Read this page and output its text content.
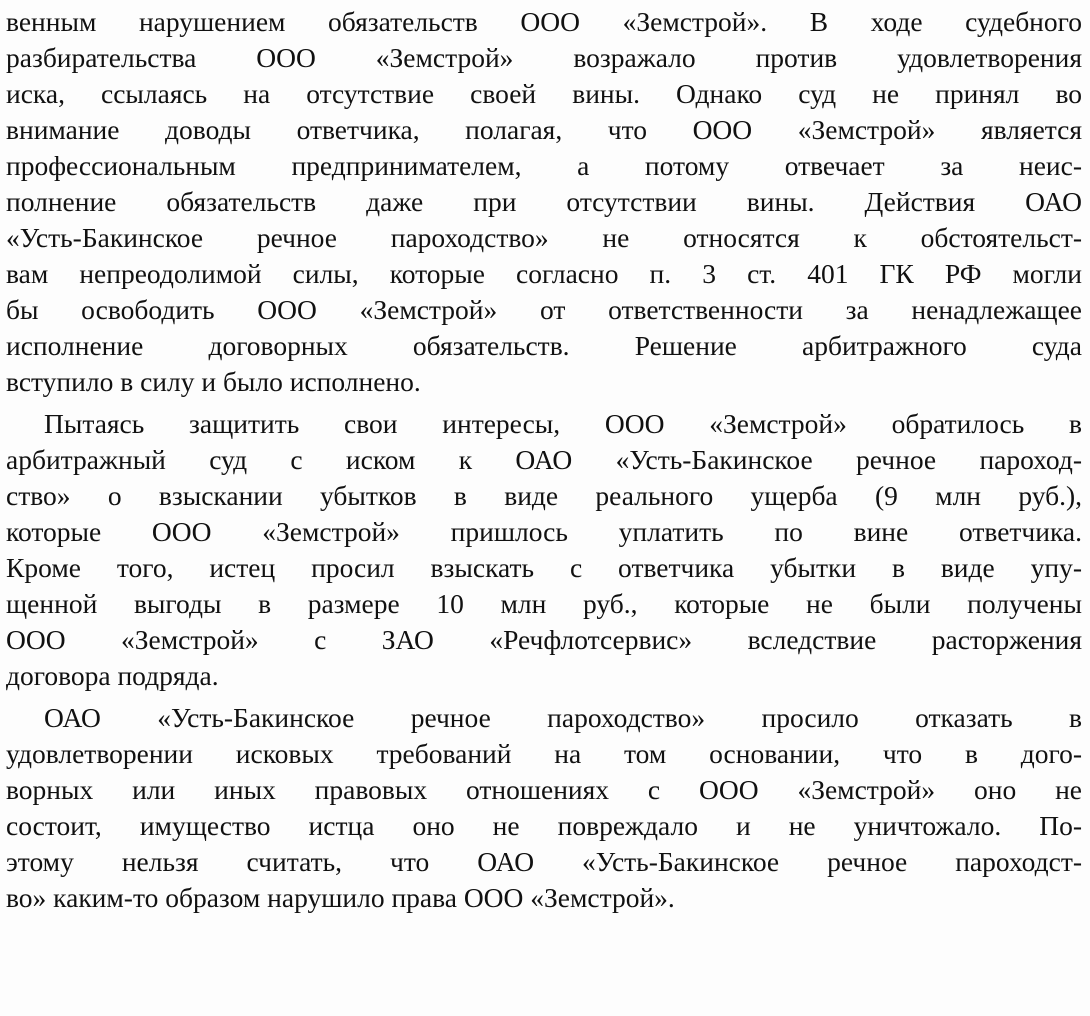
венным нарушением обязательств ООО «Земстрой». В ходе судебного
разбирательства ООО «Земстрой» возражало против удовлетворения
иска, ссылаясь на отсутствие своей вины. Однако суд не принял во
внимание доводы ответчика, полагая, что ООО «Земстрой» является
профессиональным предпринимателем, а потому отвечает за неис-
полнение обязательств даже при отсутствии вины. Действия ОАО
«Усть-Бакинское речное пароходство» не относятся к обстоятельст-
вам непреодолимой силы, которые согласно п. 3 ст. 401 ГК РФ могли
бы освободить ООО «Земстрой» от ответственности за ненадлежащее
исполнение договорных обязательств. Решение арбитражного суда
вступило в силу и было исполнено.
Пытаясь защитить свои интересы, ООО «Земстрой» обратилось в
арбитражный суд с иском к ОАО «Усть-Бакинское речное пароход-
ство» о взыскании убытков в виде реального ущерба (9 млн руб.),
которые ООО «Земстрой» пришлось уплатить по вине ответчика.
Кроме того, истец просил взыскать с ответчика убытки в виде упу-
щенной выгоды в размере 10 млн руб., которые не были получены
ООО «Земстрой» с ЗАО «Речфлотсервис» вследствие расторжения
договора подряда.
ОАО «Усть-Бакинское речное пароходство» просило отказать в
удовлетворении исковых требований на том основании, что в дого-
ворных или иных правовых отношениях с ООО «Земстрой» оно не
состоит, имущество истца оно не повреждало и не уничтожало. По-
этому нельзя считать, что ОАО «Усть-Бакинское речное пароходст-
во» каким-то образом нарушило права ООО «Земстрой».
